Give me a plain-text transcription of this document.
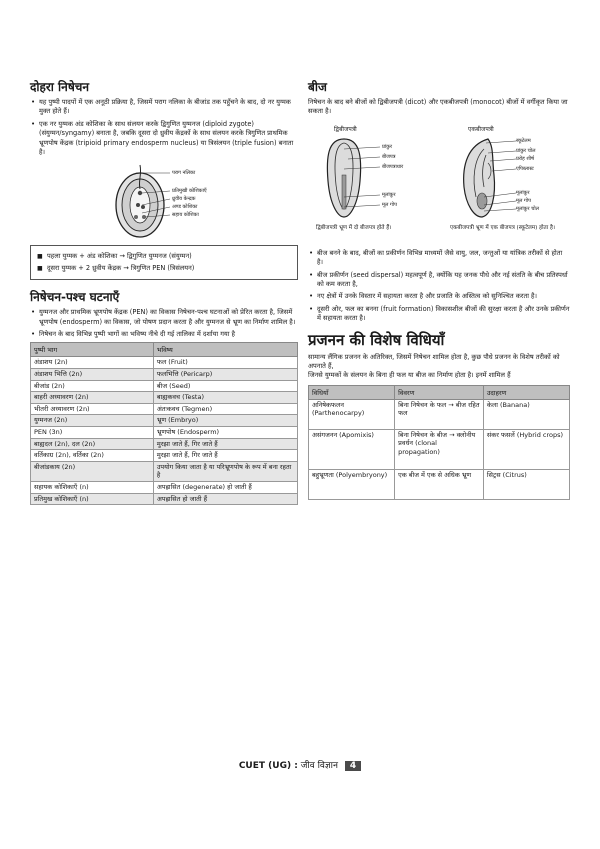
दोहरा निषेचन
• यह पुष्पी पादपों में एक अनूठी प्रक्रिया है, जिसमें पराग नलिका के बीजांड तक पहुँचने के बाद, दो नर युग्मक मुक्त होते हैं।
• एक नर युग्मक अंड कोशिका के साथ संलयन करके द्विगुणित युग्मनज (diploid zygote) (संयुग्मन/syngamy) बनाता है, जबकि दूसरा दो ध्रुवीय केंद्रकों के साथ संलयन करके त्रिगुणित प्राथमिक भ्रूणपोष केंद्रक (tripioid primary endosperm nucleus) या त्रिसंलयन (triple fusion) बनाता है।
पराग नलिका
प्रतिमुखी कोशिकाएँ
ध्रुवीय केन्द्रक
अण्ड कोशिका
सहाय कोशिका
■ पहला युग्मक + अंड कोशिका → द्विगुणित युग्मनज (संयुग्मन)
■ दूसरा युग्मक + 2 ध्रुवीय केंद्रक → त्रिगुणित PEN (त्रिसंलयन)
निषेचन-पश्च घटनाएँ
• युग्मनज और प्राथमिक भ्रूणपोष केंद्रक (PEN) का विकास निषेचन-पश्च घटनाओं को प्रेरित करता है, जिसमें भ्रूणपोष (endosperm) का विकास, जो पोषण प्रदान करता है और युग्मनज से भ्रूण का निर्माण शामिल है।
• निषेचन के बाद विभिन्न पुष्पी भागों का भविष्य नीचे दी गई तालिका में दर्शाया गया है
पुष्पी भाग	भविष्य
अंडाशय (2n)	फल (Fruit)
अंडाशय भित्ति (2n)	फलभित्ति (Pericarp)
बीजांड (2n)	बीज (Seed)
बाहरी अध्यावरण (2n)	बाह्यकवच (Testa)
भीतरी अध्यावरण (2n)	अंतःकवच (Tegmen)
युग्मनज (2n)	भ्रूण (Embryo)
PEN (3n)	भ्रूणपोष (Endosperm)
बाह्यदल (2n), दल (2n)	मुरझा जाते हैं, गिर जाते हैं
वर्तिकाग्र (2n), वर्तिका (2n)	मुरझा जाते हैं, गिर जाते हैं
बीजांडकाय (2n)	उपयोग किया जाता है या परिभ्रूणपोष के रूप में बना रहता है
सहायक कोशिकाएँ (n)	अपह्रासित (degenerate) हो जाती हैं
प्रतिमुख कोशिकाएँ (n)	अपह्रासित हो जाती हैं
बीज

निषेचन के बाद बने बीजों को द्विबीजपत्री (dicot) और एकबीजपत्री (monocot) बीजों में वर्गीकृत किया जा सकता है।

द्विबीजपत्री
प्रांकुर
बीजपत्र
बीजपत्राधार
मूलांकुर
मूल गोप
द्विबीजपत्री भ्रूण में दो बीजपत्र होते हैं।
एकबीजपत्री
स्कूटेलम
प्रांकुर चोल
प्ररोह शीर्ष
एपिब्लास्ट
मूलांकुर
मूल गोप
मूलांकुर चोल
एकबीजपत्री भ्रूण में एक बीजपत्र (स्कूटेलम) होता है।
• बीज बनने के बाद, बीजों का प्रकीर्णन विभिन्न माध्यमों जैसे वायु, जल, जन्तुओं या यांत्रिक तरीकों से होता है।
• बीज प्रकीर्णन (seed dispersal) महत्वपूर्ण है, क्योंकि यह जनक पौधे और नई संतति के बीच प्रतिस्पर्धा को कम करता है,
• नए क्षेत्रों में उनके विस्तार में सहायता करता है और प्रजाति के अस्तित्व को सुनिश्चित करता है।
• दूसरी ओर, फल का बनना (fruit formation) विकासशील बीजों की सुरक्षा करता है और उनके प्रकीर्णन में सहायता करता है।
प्रजनन की विशेष विधियाँ

सामान्य लैंगिक प्रजनन के अतिरिक्त, जिसमें निषेचन शामिल होता है, कुछ पौधे प्रजनन के विशेष तरीकों को अपनाते हैं,

जिनसे युग्मकों के संलयन के बिना ही फल या बीज का निर्माण होता है। इनमें शामिल हैं

विधियाँ	विवरण	उदाहरण
अनिषेकफलन (Parthenocarpy)	बिना निषेचन के फल → बीज रहित फल	केला (Banana)
असंगजनन (Apomixis)	बिना निषेचन के बीज → क्लोनीय प्रवर्धन (clonal propagation)	संकर फसलें (Hybrid crops)
बहुभ्रूणता (Polyembryony)	एक बीज में एक से अधिक भ्रूण	सिट्रस (Citrus)
CUET (UG) : जीव विज्ञान 4
